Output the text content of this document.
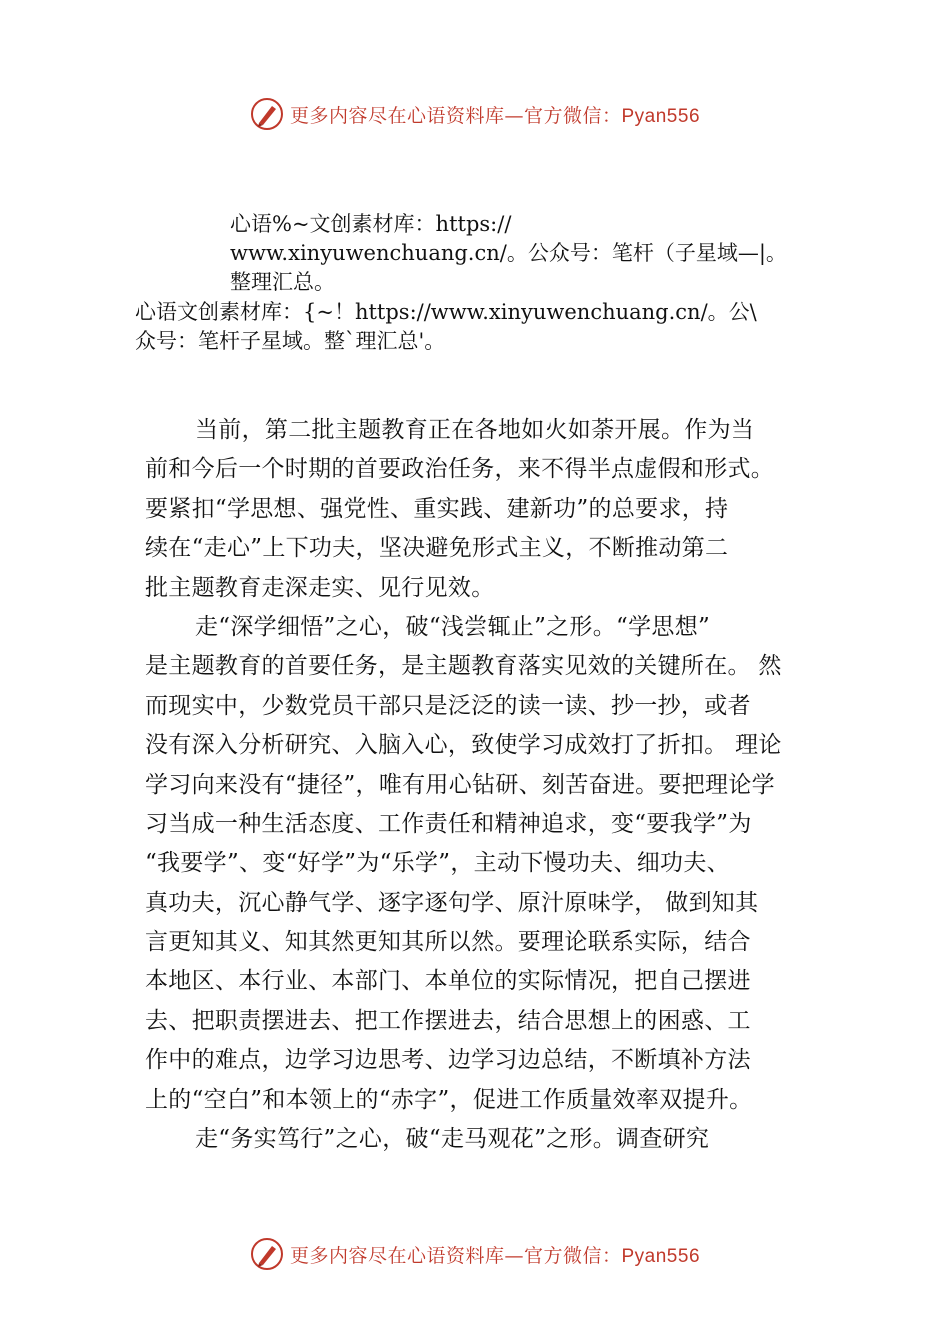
更多内容尽在心语资料库—官方微信：Pyan556
心语%~文创素材库：https://
www.xinyuwenchuang.cn/。公众号：笔杆（子星域—|。
整理汇总。
心语文创素材库：{~！https://www.xinyuwenchuang.cn/。公\
众号：笔杆子星域。整`理汇总'。
当前，第二批主题教育正在各地如火如荼开展。作为当
前和今后一个时期的首要政治任务，来不得半点虚假和形式。
要紧扣“学思想、强党性、重实践、建新功”的总要求，持
续在“走心”上下功夫，坚决避免形式主义，不断推动第二
批主题教育走深走实、见行见效。
走“深学细悟”之心，破“浅尝辄止”之形。“学思想”
是主题教育的首要任务，是主题教育落实见效的关键所在。 然
而现实中，少数党员干部只是泛泛的读一读、抄一抄，或者
没有深入分析研究、入脑入心，致使学习成效打了折扣。 理论
学习向来没有“捷径”，唯有用心钻研、刻苦奋进。要把理论学
习当成一种生活态度、工作责任和精神追求，变“要我学”为
“我要学”、变“好学”为“乐学”，主动下慢功夫、细功夫、
真功夫，沉心静气学、逐字逐句学、原汁原味学， 做到知其
言更知其义、知其然更知其所以然。要理论联系实际，结合
本地区、本行业、本部门、本单位的实际情况，把自己摆进
去、把职责摆进去、把工作摆进去，结合思想上的困惑、工
作中的难点，边学习边思考、边学习边总结，不断填补方法
上的“空白”和本领上的“赤字”，促进工作质量效率双提升。
走“务实笃行”之心，破“走马观花”之形。调查研究
更多内容尽在心语资料库—官方微信：Pyan556
